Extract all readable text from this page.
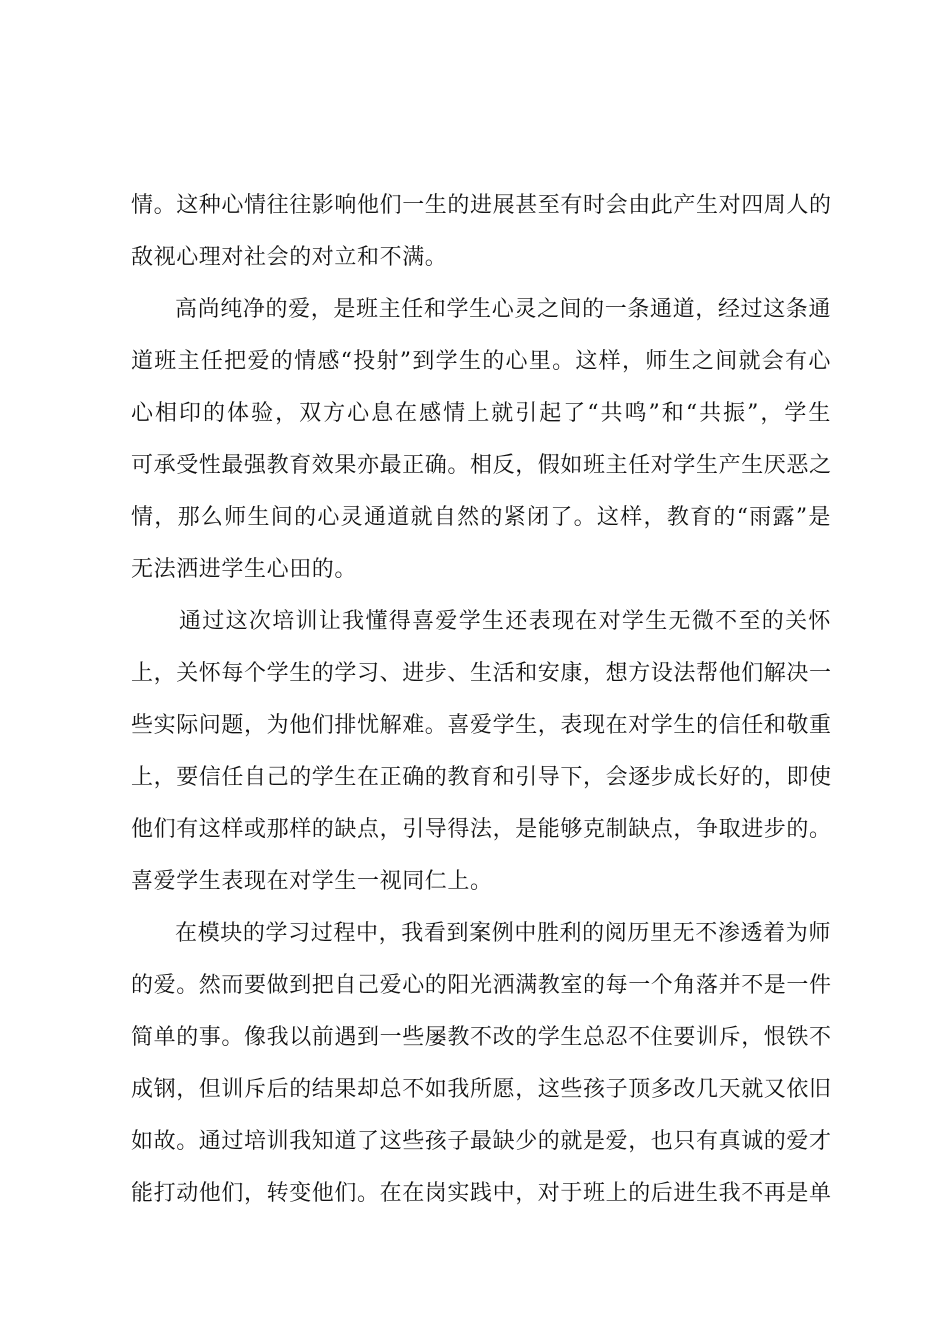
情。这种心情往往影响他们一生的进展甚至有时会由此产生对四周人的
敌视心理对社会的对立和不满。
高尚纯净的爱，是班主任和学生心灵之间的一条通道，经过这条通
道班主任把爱的情感“投射”到学生的心里。这样，师生之间就会有心
心相印的体验，双方心息在感情上就引起了“共鸣”和“共振”，学生
可承受性最强教育效果亦最正确。相反，假如班主任对学生产生厌恶之
情，那么师生间的心灵通道就自然的紧闭了。这样，教育的“雨露”是
无法洒进学生心田的。
通过这次培训让我懂得喜爱学生还表现在对学生无微不至的关怀
上，关怀每个学生的学习、进步、生活和安康，想方设法帮他们解决一
些实际问题，为他们排忧解难。喜爱学生，表现在对学生的信任和敬重
上，要信任自己的学生在正确的教育和引导下，会逐步成长好的，即使
他们有这样或那样的缺点，引导得法，是能够克制缺点，争取进步的。
喜爱学生表现在对学生一视同仁上。
在模块的学习过程中，我看到案例中胜利的阅历里无不渗透着为师
的爱。然而要做到把自己爱心的阳光洒满教室的每一个角落并不是一件
简单的事。像我以前遇到一些屡教不改的学生总忍不住要训斥，恨铁不
成钢，但训斥后的结果却总不如我所愿，这些孩子顶多改几天就又依旧
如故。通过培训我知道了这些孩子最缺少的就是爱，也只有真诚的爱才
能打动他们，转变他们。在在岗实践中，对于班上的后进生我不再是单
